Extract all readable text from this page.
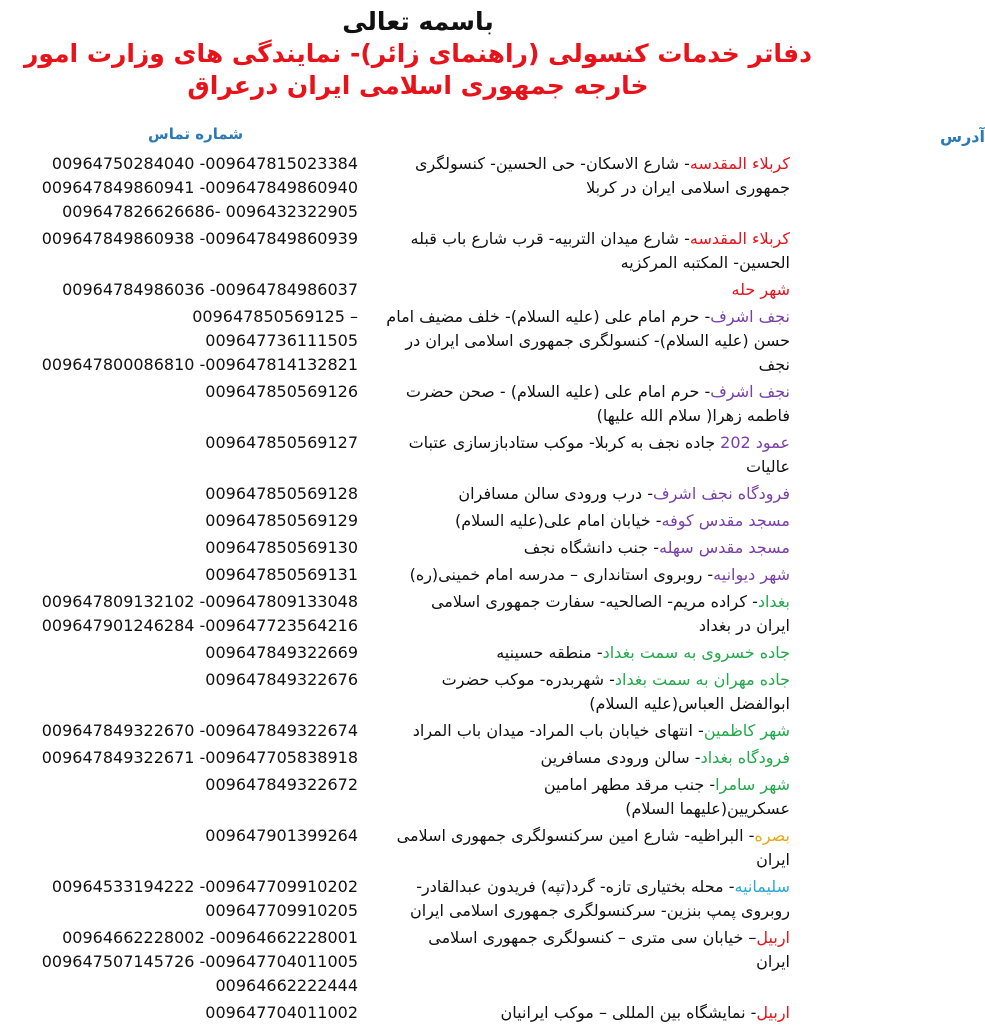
باسمه تعالی
دفاتر خدمات کنسولی (راهنمای زائر)- نمایندگی های وزارت امور
خارجه جمهوری اسلامی ایران درعراق
شماره تماس	آدرس
کربلاء المقدسه- شارع الاسکان- حی الحسین- کنسولگری
جمهوری اسلامی ایران در کربلا
00964750284040 -009647815023384
009647849860941 -009647849860940
009647826626686- 0096432322905
کربلاء المقدسه- شارع میدان التربیه- قرب شارع باب قبله
الحسین- المکتبه المرکزیه
009647849860938 -009647849860939
شهر حله
00964784986036 -00964784986037
نجف اشرف- حرم امام علی (علیه السلام)- خلف مضیف امام
حسن (علیه السلام)- کنسولگری جمهوری اسلامی ایران در
نجف
009647850569125 –
009647736111505
009647800086810 -009647814132821
نجف اشرف- حرم امام علی (علیه السلام) - صحن حضرت
فاطمه زهرا( سلام الله علیها)
009647850569126
عمود 202 جاده نجف به کربلا- موکب ستادبازسازی عتبات
عالیات
009647850569127
فرودگاه نجف اشرف- درب ورودی سالن مسافران
009647850569128
مسجد مقدس کوفه- خیابان امام علی(علیه السلام)
009647850569129
مسجد مقدس سهله- جنب دانشگاه نجف
009647850569130
شهر دیوانیه- روبروی استانداری – مدرسه امام خمینی(ره)
009647850569131
بغداد- کراده مریم- الصالحیه- سفارت جمهوری اسلامی
ایران در بغداد
009647809132102 -009647809133048
009647901246284 -009647723564216
جاده خسروی به سمت بغداد- منطقه حسینیه
009647849322669
جاده مهران به سمت بغداد- شهربدره- موکب حضرت
ابوالفضل العباس(علیه السلام)
009647849322676
شهر کاظمین- انتهای خیابان باب المراد- میدان باب المراد
009647849322670 -009647849322674
فرودگاه بغداد- سالن ورودی مسافرین
009647849322671 -009647705838918
شهر سامرا- جنب مرقد مطهر امامین
عسکریین(علیهما السلام)
009647849322672
بصره- البراظیه- شارع امین سرکنسولگری جمهوری اسلامی
ایران
009647901399264
سلیمانیه- محله بختیاری تازه- گرد(تپه) فریدون عبدالقادر-
روبروی پمپ بنزین- سرکنسولگری جمهوری اسلامی ایران
00964533194222 -009647709910202
009647709910205
اربیل– خیابان سی متری – کنسولگری جمهوری اسلامی
ایران
00964662228002 -00964662228001
009647507145726 -009647704011005
00964662222444
اربیل- نمایشگاه بین المللی – موکب ایرانیان
009647704011002
